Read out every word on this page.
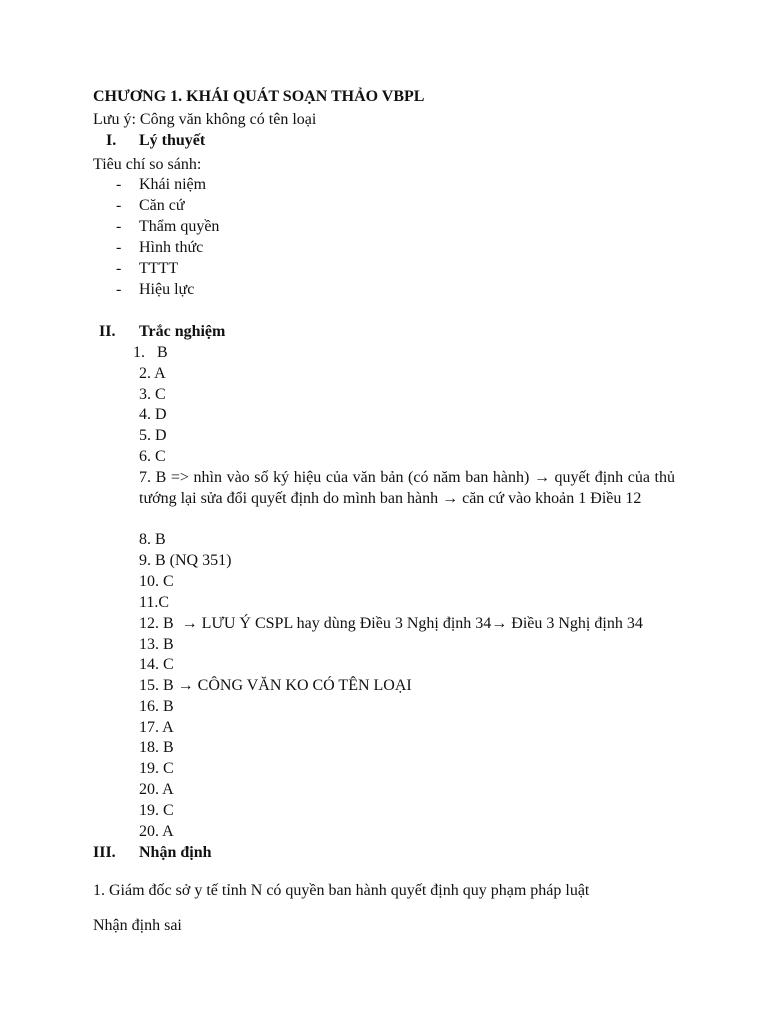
CHƯƠNG 1. KHÁI QUÁT SOẠN THẢO VBPL
Lưu ý: Công văn không có tên loại
I. Lý thuyết
Tiêu chí so sánh:
- Khái niệm
- Căn cứ
- Thẩm quyền
- Hình thức
- TTTT
- Hiệu lực
II. Trắc nghiệm
1.   B
2. A
3. C
4. D
5. D
6. C
7. B => nhìn vào số ký hiệu của văn bản (có năm ban hành) → quyết định của thủ tướng lại sửa đổi quyết định do mình ban hành → căn cứ vào khoản 1 Điều 12
8. B
9. B (NQ 351)
10. C
11.C
12. B  → LƯU Ý CSPL hay dùng Điều 3 Nghị định 34→ Điều 3 Nghị định 34
13. B
14. C
15. B → CÔNG VĂN KO CÓ TÊN LOẠI
16. B
17. A
18. B
19. C
20. A
19. C
20. A
III. Nhận định
1. Giám đốc sở y tế tỉnh N có quyền ban hành quyết định quy phạm pháp luật
Nhận định sai
